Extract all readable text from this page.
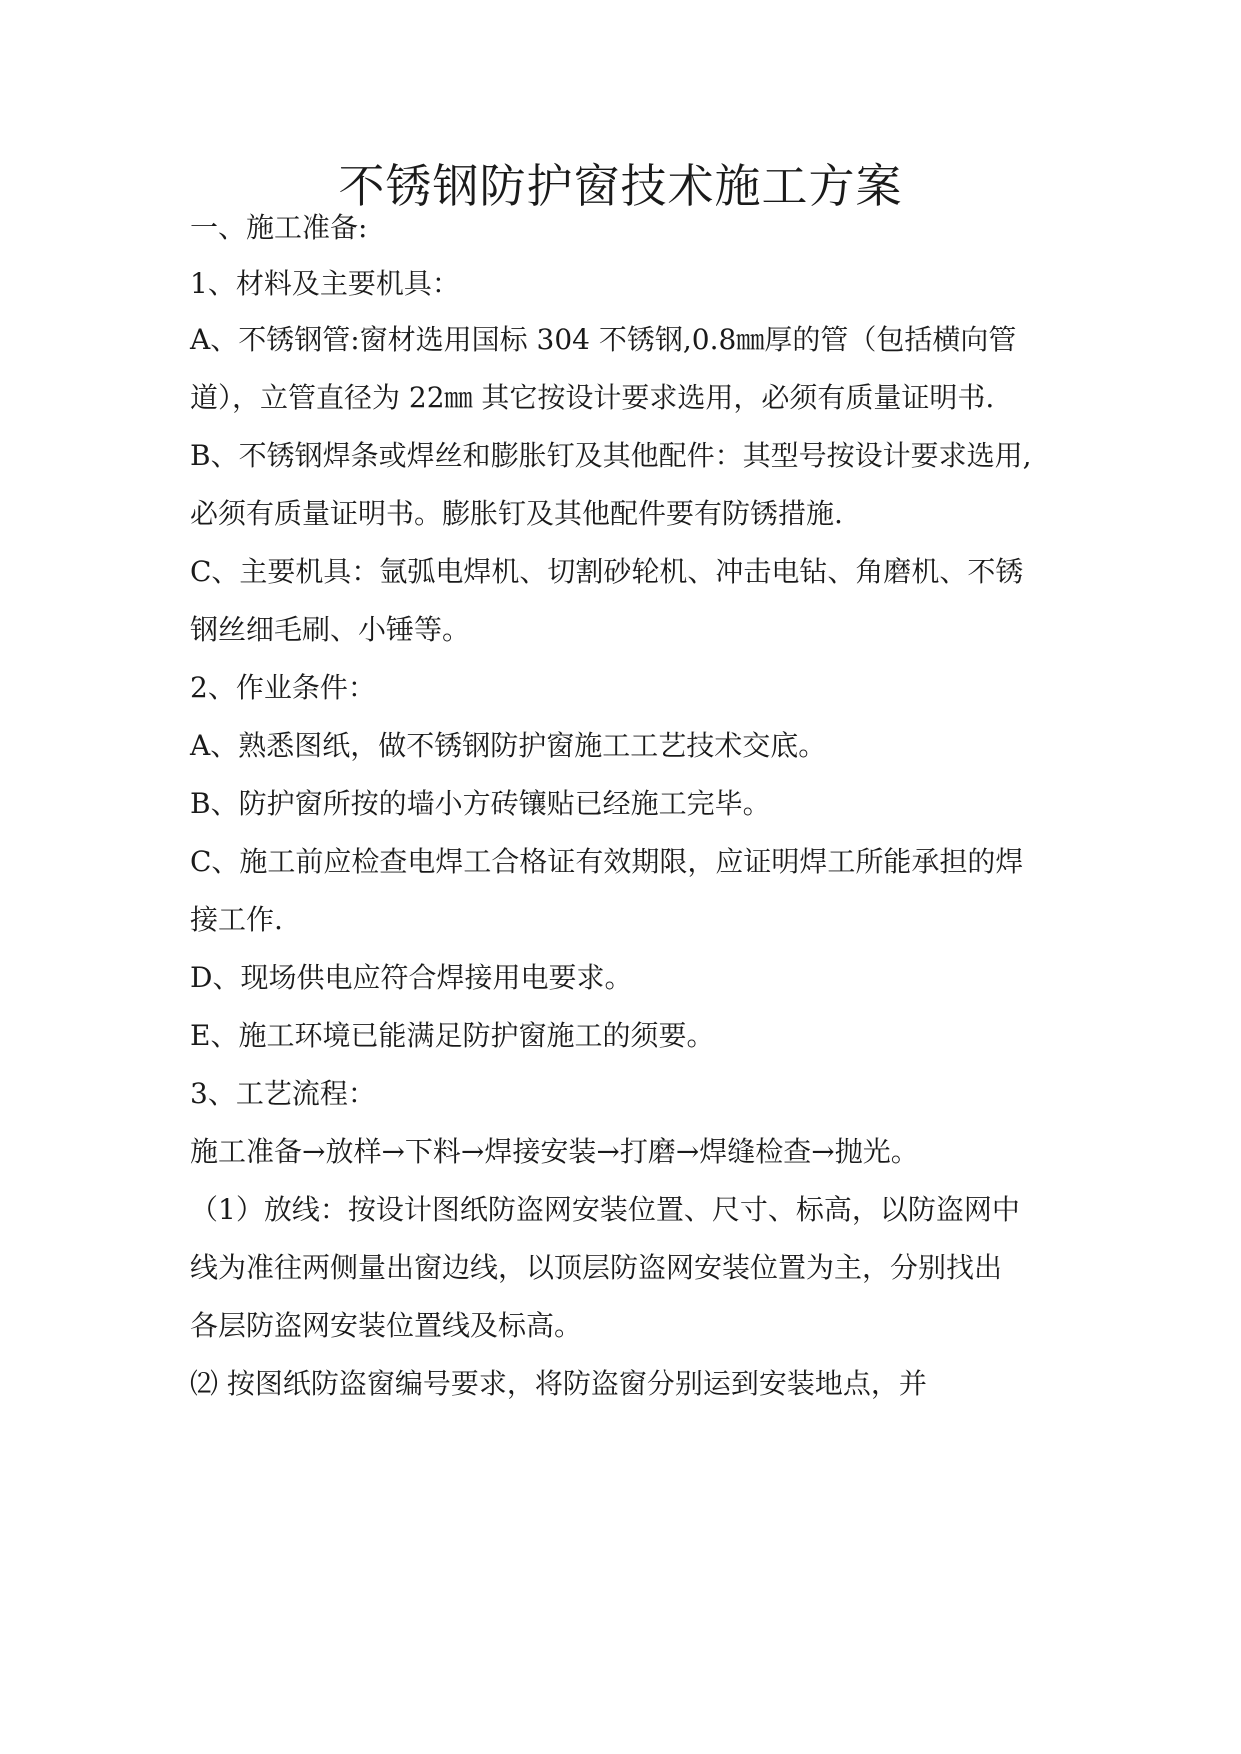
不锈钢防护窗技术施工方案

一、施工准备:

1、材料及主要机具：

A、不锈钢管:窗材选用国标 304 不锈钢,0.8㎜厚的管（包括横向管

道），立管直径为 22㎜ 其它按设计要求选用，必须有质量证明书.

B、不锈钢焊条或焊丝和膨胀钉及其他配件：其型号按设计要求选用,

必须有质量证明书。膨胀钉及其他配件要有防锈措施.

C、主要机具：氩弧电焊机、切割砂轮机、冲击电钻、角磨机、不锈

钢丝细毛刷、小锤等。

2、作业条件：

A、熟悉图纸，做不锈钢防护窗施工工艺技术交底。

B、防护窗所按的墙小方砖镶贴已经施工完毕。

C、施工前应检查电焊工合格证有效期限，应证明焊工所能承担的焊

接工作.

D、现场供电应符合焊接用电要求。

E、施工环境已能满足防护窗施工的须要。

3、工艺流程：

施工准备→放样→下料→焊接安装→打磨→焊缝检查→抛光。

（1）放线：按设计图纸防盗网安装位置、尺寸、标高，以防盗网中

线为准往两侧量出窗边线，以顶层防盗网安装位置为主，分别找出

各层防盗网安装位置线及标高。

⑵ 按图纸防盗窗编号要求，将防盗窗分别运到安装地点，并
